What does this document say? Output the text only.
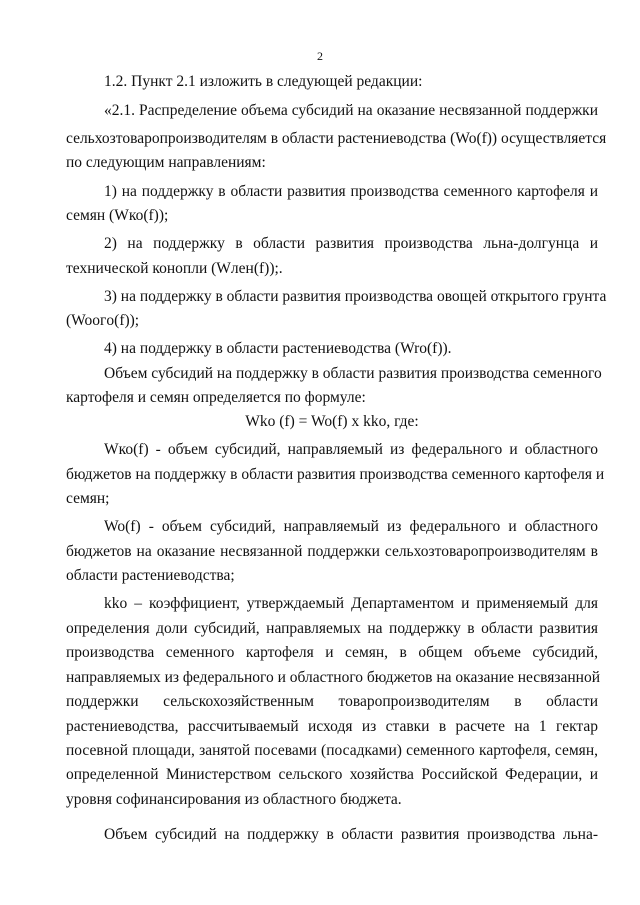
2
1.2. Пункт 2.1 изложить в следующей редакции:
«2.1. Распределение объема субсидий на оказание несвязанной поддержки
сельхозтоваропроизводителям в области растениеводства (Wo(f)) осуществляется
по следующим направлениям:
1) на поддержку в области развития производства семенного картофеля и
семян (Wко(f));
2) на поддержку в области развития производства льна-долгунца и
технической конопли (Wлен(f));.
3) на поддержку в области развития производства овощей открытого грунта
(Wooгo(f));
4) на поддержку в области растениеводства (Wrо(f)).
Объем субсидий на поддержку в области развития производства семенного
картофеля и семян определяется по формуле:
Wko (f) = Wo(f) x kko, где:
Wко(f) - объем субсидий, направляемый из федерального и областного
бюджетов на поддержку в области развития производства семенного картофеля и
семян;
Wo(f) - объем субсидий, направляемый из федерального и областного
бюджетов на оказание несвязанной поддержки сельхозтоваропроизводителям в
области растениеводства;
kko – коэффициент, утверждаемый Департаментом и применяемый для
определения доли субсидий, направляемых на поддержку в области развития
производства семенного картофеля и семян, в общем объеме субсидий,
направляемых из федерального и областного бюджетов на оказание несвязанной
поддержки сельскохозяйственным товаропроизводителям в области
растениеводства, рассчитываемый исходя из ставки в расчете на 1 гектар
посевной площади, занятой посевами (посадками) семенного картофеля, семян,
определенной Министерством сельского хозяйства Российской Федерации, и
уровня софинансирования из областного бюджета.
Объем субсидий на поддержку в области развития производства льна-
